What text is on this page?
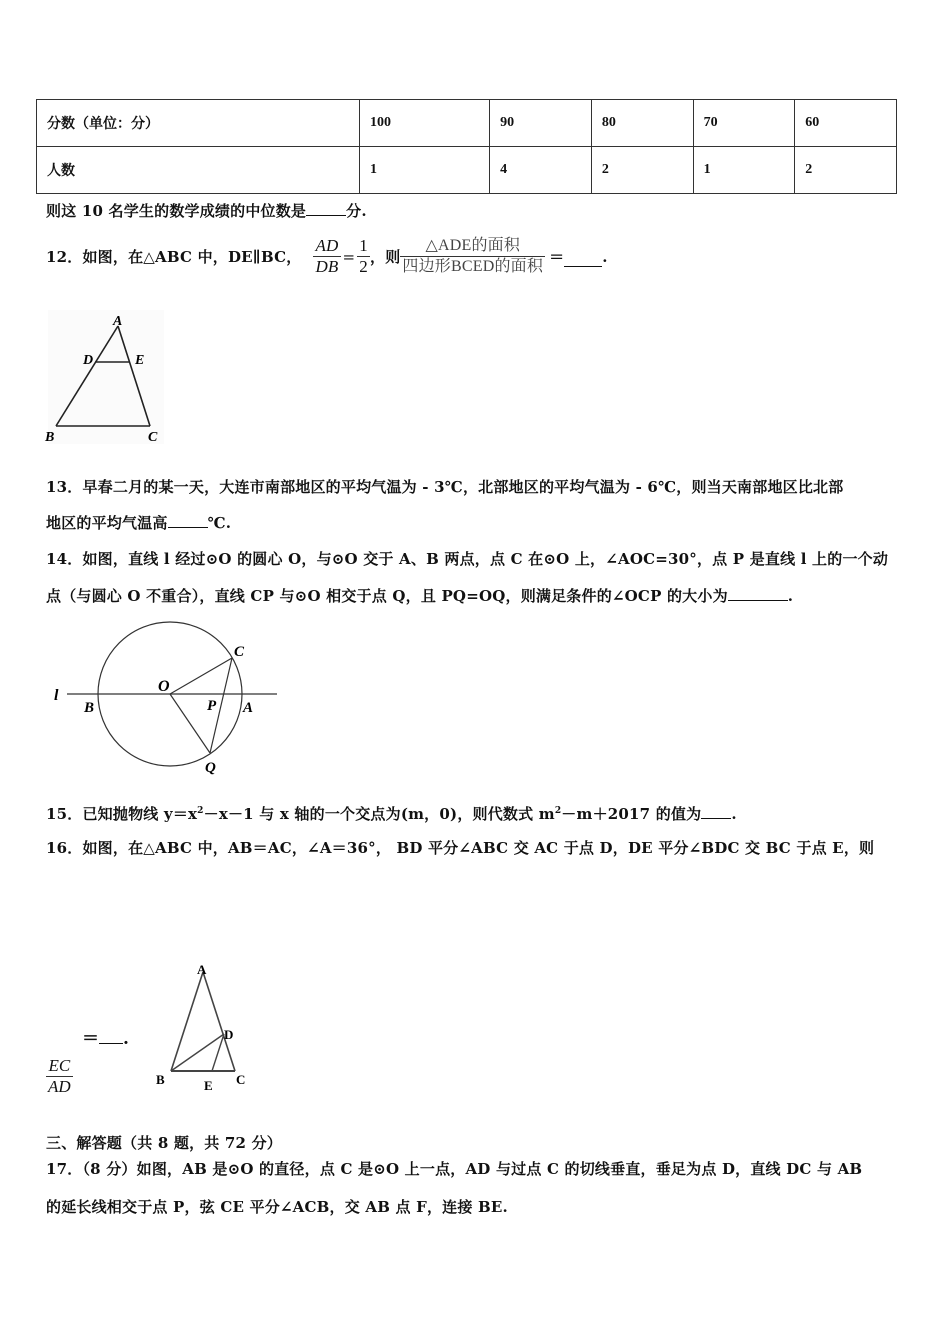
分数（单位：分）	100	90	80	70	60
人数	1	4	2	1	2
则这 10 名学生的数学成绩的中位数是	分.
12．如图，在△ABC 中，DE∥BC， $\frac{AD}{DB} = \frac{1}{2}$ ，则 $\frac{\text{△ADE的面积}}{\text{四边形BCED的面积}}$ ＝	.
A
D	E
B	C
13．早春二月的某一天，大连市南部地区的平均气温为 - 3℃，北部地区的平均气温为 - 6℃，则当天南部地区比北部
地区的平均气温高	℃.
14．如图，直线 l 经过⊙O 的圆心 O，与⊙O 交于 A、B 两点，点 C 在⊙O 上，∠AOC=30°，点 P 是直线 l 上的一个动
点（与圆心 O 不重合），直线 CP 与⊙O 相交于点 Q，且 PQ=OQ，则满足条件的∠OCP 的大小为	.
l
O
B	P A
C
Q
15．已知抛物线 $y=x^2-x-1$ 与 x 轴的一个交点为(m，0)，则代数式 $m^2-m+2017$ 的值为 .
16．如图，在△ABC 中，AB＝AC，∠A＝36°， BD 平分∠ABC 交 AC 于点 D，DE 平分∠BDC 交 BC 于点 E，则
＝ .
$\frac{EC}{AD}$
A
D
B	E C
三、解答题（共 8 题，共 72 分）
17．（8 分）如图，AB 是⊙O 的直径，点 C 是⊙O 上一点，AD 与过点 C 的切线垂直，垂足为点 D，直线 DC 与 AB
的延长线相交于点 P，弦 CE 平分∠ACB，交 AB 点 F，连接 BE.
